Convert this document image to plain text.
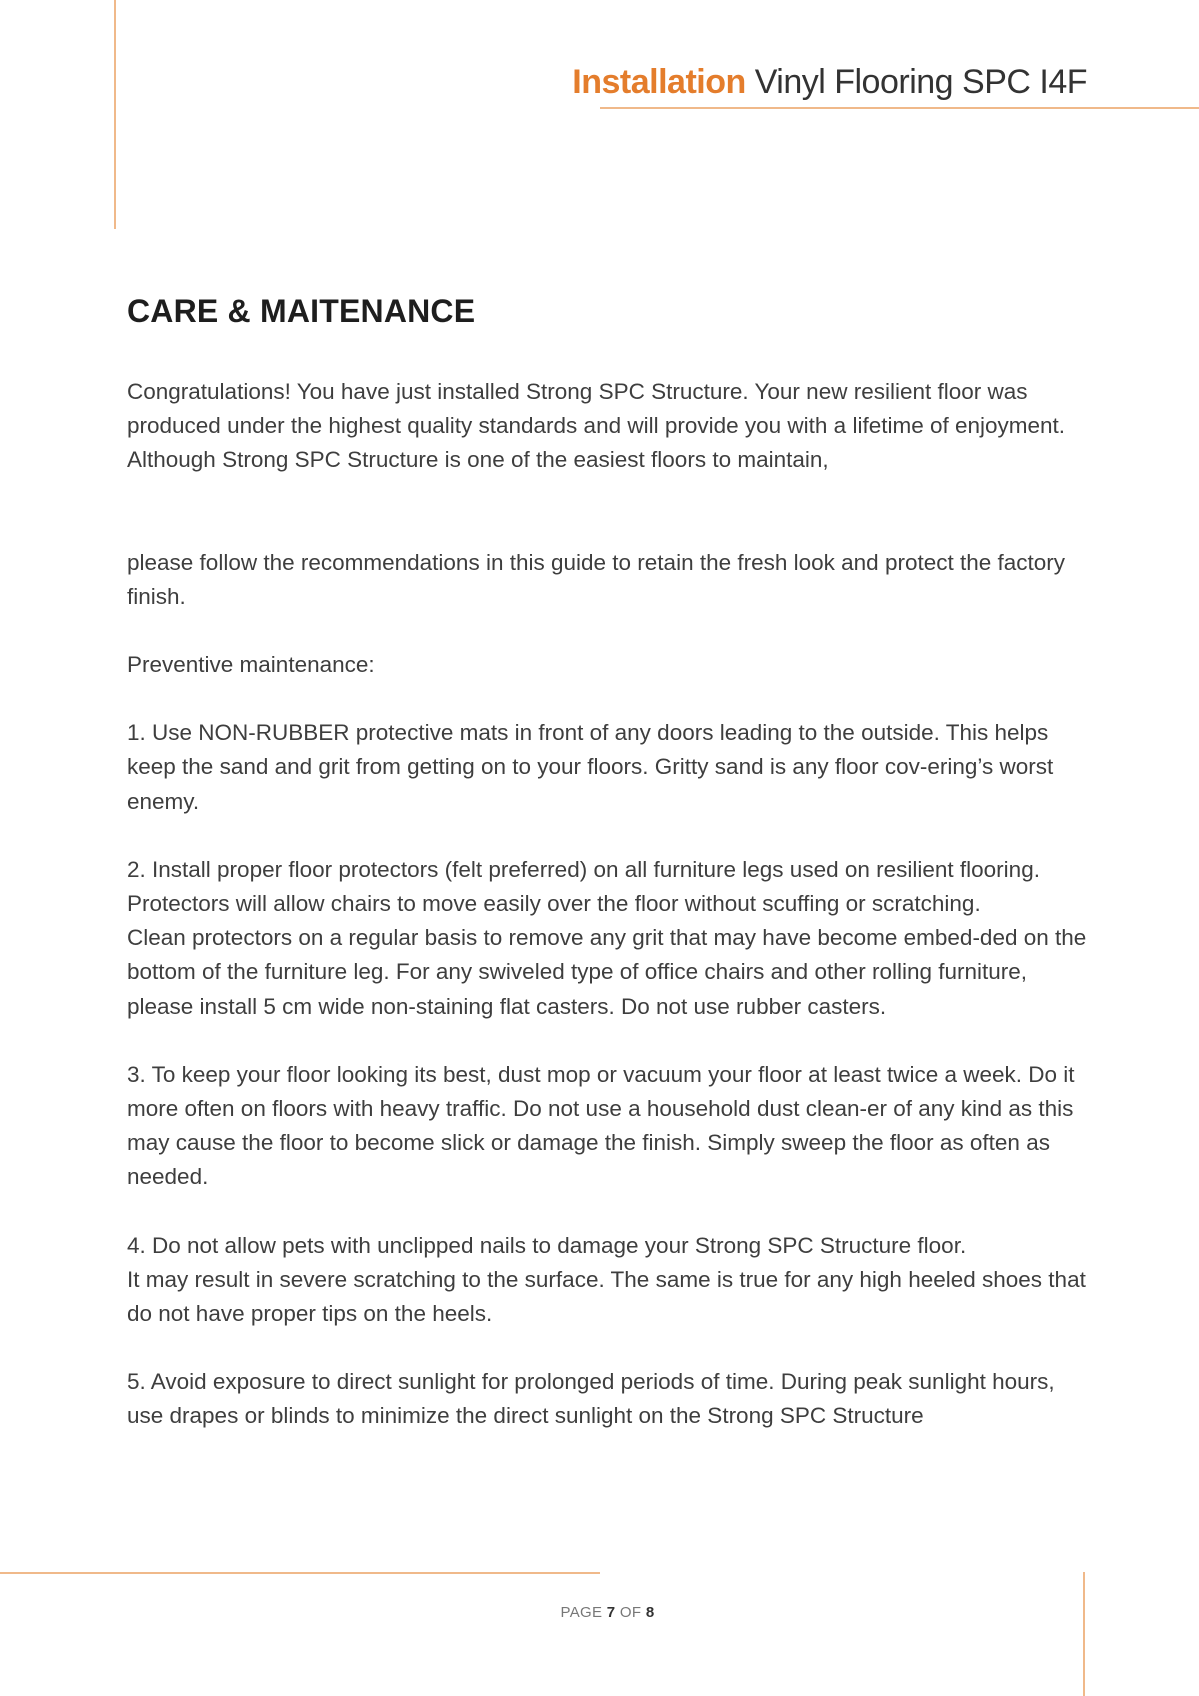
Installation Vinyl Flooring SPC I4F
CARE & MAITENANCE

Congratulations! You have just installed Strong SPC Structure. Your new resilient floor was produced under the highest quality standards and will provide you with a lifetime of enjoyment. Although Strong SPC Structure is one of the easiest floors to maintain,

please follow the recommendations in this guide to retain the fresh look and protect the factory finish.

Preventive maintenance:

1. Use NON-RUBBER protective mats in front of any doors leading to the outside. This helps keep the sand and grit from getting on to your floors. Gritty sand is any floor cov-ering’s worst enemy.

2. Install proper floor protectors (felt preferred) on all furniture legs used on resilient flooring. Protectors will allow chairs to move easily over the floor without scuffing or scratching.

Clean protectors on a regular basis to remove any grit that may have become embed-ded on the bottom of the furniture leg. For any swiveled type of office chairs and other rolling furniture, please install 5 cm wide non-staining flat casters. Do not use rubber casters.

3. To keep your floor looking its best, dust mop or vacuum your floor at least twice a week. Do it more often on floors with heavy traffic. Do not use a household dust clean-er of any kind as this may cause the floor to become slick or damage the finish. Simply sweep the floor as often as needed.

4. Do not allow pets with unclipped nails to damage your Strong SPC Structure floor.

It may result in severe scratching to the surface. The same is true for any high heeled shoes that do not have proper tips on the heels.

5. Avoid exposure to direct sunlight for prolonged periods of time. During peak sunlight hours, use drapes or blinds to minimize the direct sunlight on the Strong SPC Structure

PAGE 7 OF 8
